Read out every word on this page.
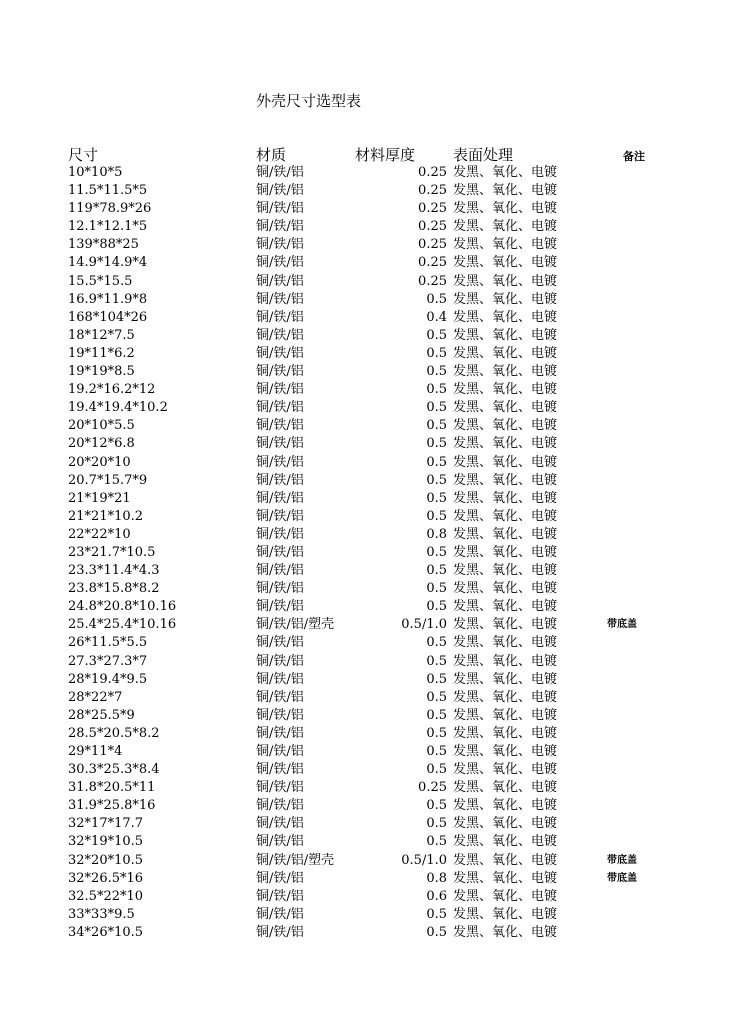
外壳尺寸选型表
尺寸	材质	材料厚度	表面处理	备注
10*10*5	铜/铁/铝	0.25 发黑、氧化、电镀
11.5*11.5*5	铜/铁/铝	0.25 发黑、氧化、电镀
119*78.9*26	铜/铁/铝	0.25 发黑、氧化、电镀
12.1*12.1*5	铜/铁/铝	0.25 发黑、氧化、电镀
139*88*25	铜/铁/铝	0.25 发黑、氧化、电镀
14.9*14.9*4	铜/铁/铝	0.25 发黑、氧化、电镀
15.5*15.5	铜/铁/铝	0.25 发黑、氧化、电镀
16.9*11.9*8	铜/铁/铝	0.5 发黑、氧化、电镀
168*104*26	铜/铁/铝	0.4 发黑、氧化、电镀
18*12*7.5	铜/铁/铝	0.5 发黑、氧化、电镀
19*11*6.2	铜/铁/铝	0.5 发黑、氧化、电镀
19*19*8.5	铜/铁/铝	0.5 发黑、氧化、电镀
19.2*16.2*12	铜/铁/铝	0.5 发黑、氧化、电镀
19.4*19.4*10.2	铜/铁/铝	0.5 发黑、氧化、电镀
20*10*5.5	铜/铁/铝	0.5 发黑、氧化、电镀
20*12*6.8	铜/铁/铝	0.5 发黑、氧化、电镀
20*20*10	铜/铁/铝	0.5 发黑、氧化、电镀
20.7*15.7*9	铜/铁/铝	0.5 发黑、氧化、电镀
21*19*21	铜/铁/铝	0.5 发黑、氧化、电镀
21*21*10.2	铜/铁/铝	0.5 发黑、氧化、电镀
22*22*10	铜/铁/铝	0.8 发黑、氧化、电镀
23*21.7*10.5	铜/铁/铝	0.5 发黑、氧化、电镀
23.3*11.4*4.3	铜/铁/铝	0.5 发黑、氧化、电镀
23.8*15.8*8.2	铜/铁/铝	0.5 发黑、氧化、电镀
24.8*20.8*10.16	铜/铁/铝	0.5 发黑、氧化、电镀
25.4*25.4*10.16	铜/铁/铝/塑壳	0.5/1.0 发黑、氧化、电镀	带底盖
26*11.5*5.5	铜/铁/铝	0.5 发黑、氧化、电镀
27.3*27.3*7	铜/铁/铝	0.5 发黑、氧化、电镀
28*19.4*9.5	铜/铁/铝	0.5 发黑、氧化、电镀
28*22*7	铜/铁/铝	0.5 发黑、氧化、电镀
28*25.5*9	铜/铁/铝	0.5 发黑、氧化、电镀
28.5*20.5*8.2	铜/铁/铝	0.5 发黑、氧化、电镀
29*11*4	铜/铁/铝	0.5 发黑、氧化、电镀
30.3*25.3*8.4	铜/铁/铝	0.5 发黑、氧化、电镀
31.8*20.5*11	铜/铁/铝	0.25 发黑、氧化、电镀
31.9*25.8*16	铜/铁/铝	0.5 发黑、氧化、电镀
32*17*17.7	铜/铁/铝	0.5 发黑、氧化、电镀
32*19*10.5	铜/铁/铝	0.5 发黑、氧化、电镀
32*20*10.5	铜/铁/铝/塑壳	0.5/1.0 发黑、氧化、电镀	带底盖
32*26.5*16	铜/铁/铝	0.8 发黑、氧化、电镀	带底盖
32.5*22*10	铜/铁/铝	0.6 发黑、氧化、电镀
33*33*9.5	铜/铁/铝	0.5 发黑、氧化、电镀
34*26*10.5	铜/铁/铝	0.5 发黑、氧化、电镀
